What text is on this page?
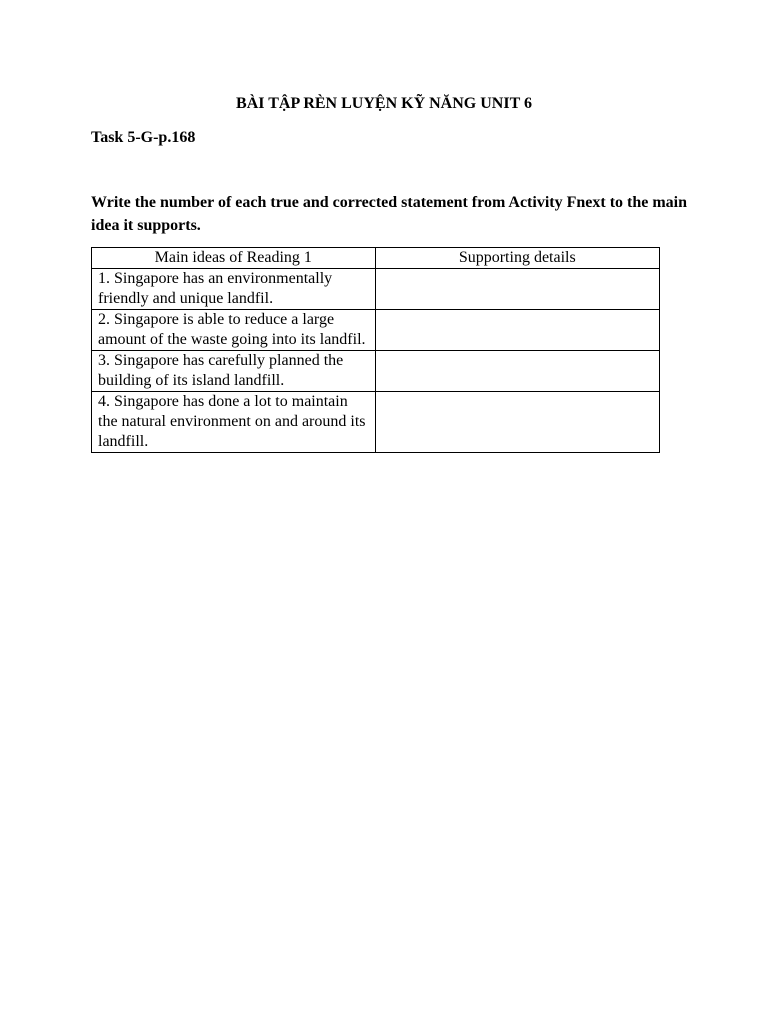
BÀI TẬP RÈN LUYỆN KỸ NĂNG UNIT 6
Task 5-G-p.168
Write the number of each true and corrected statement from Activity Fnext to the main idea it supports.
Main ideas of Reading 1	Supporting details
1. Singapore has an environmentally friendly and unique landfil.	
2. Singapore is able to reduce a large amount of the waste going into its landfil.	
3. Singapore has carefully planned the building of its island landfill.	
4. Singapore has done a lot to maintain the natural environment on and around its landfill.	
